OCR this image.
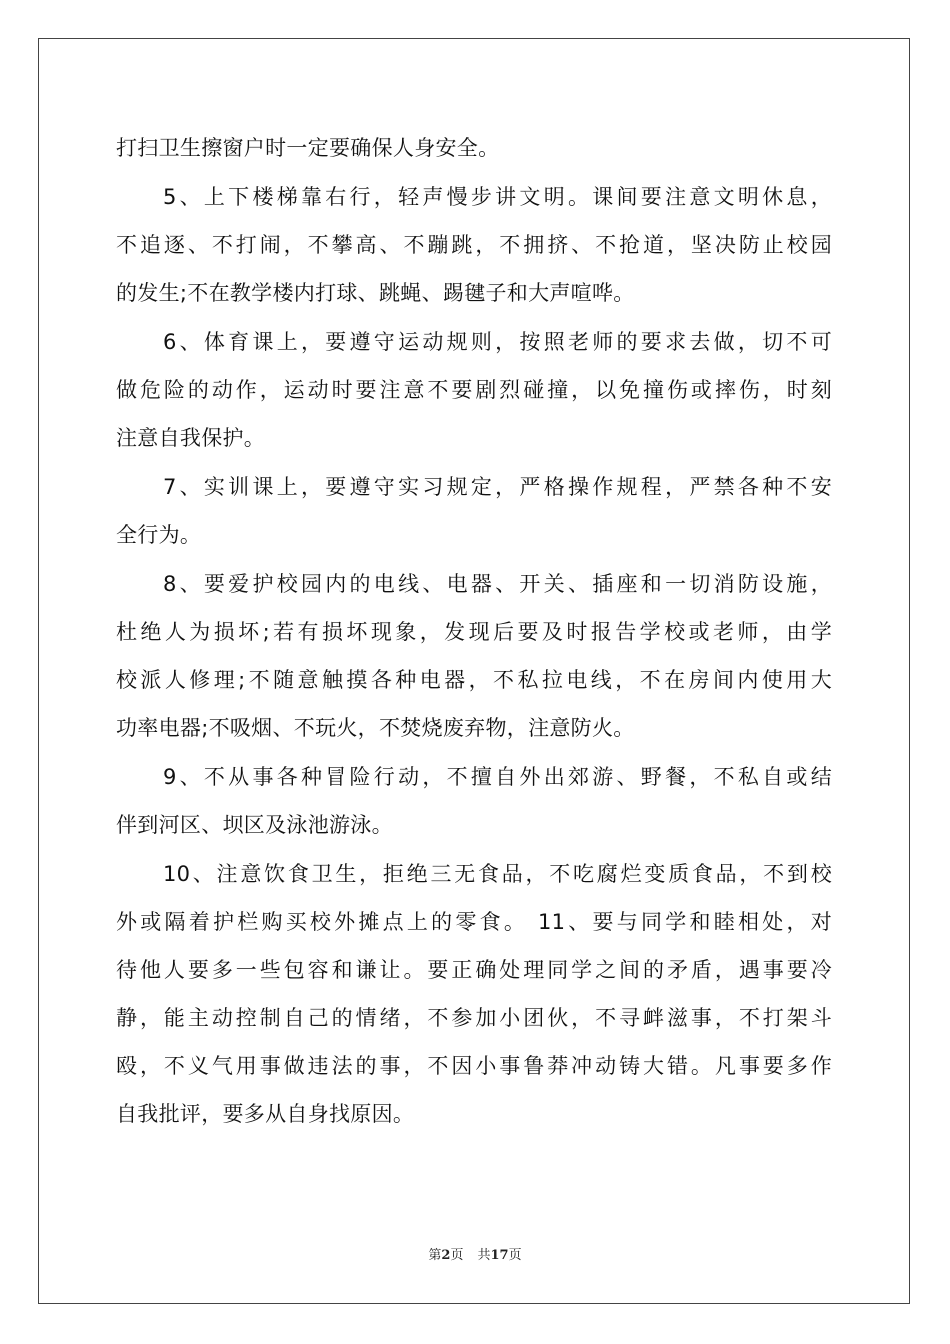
打扫卫生擦窗户时一定要确保人身安全。

5、上下楼梯靠右行，轻声慢步讲文明。课间要注意文明休息，

不追逐、不打闹，不攀高、不蹦跳，不拥挤、不抢道，坚决防止校园

的发生;不在教学楼内打球、跳蝇、踢毽子和大声喧哗。

6、体育课上，要遵守运动规则，按照老师的要求去做，切不可

做危险的动作，运动时要注意不要剧烈碰撞，以免撞伤或摔伤，时刻

注意自我保护。

7、实训课上，要遵守实习规定，严格操作规程，严禁各种不安

全行为。

8、要爱护校园内的电线、电器、开关、插座和一切消防设施，

杜绝人为损坏;若有损坏现象，发现后要及时报告学校或老师，由学

校派人修理;不随意触摸各种电器，不私拉电线，不在房间内使用大

功率电器;不吸烟、不玩火，不焚烧废弃物，注意防火。

9、不从事各种冒险行动，不擅自外出郊游、野餐，不私自或结

伴到河区、坝区及泳池游泳。

10、注意饮食卫生，拒绝三无食品，不吃腐烂变质食品，不到校

外或隔着护栏购买校外摊点上的零食。 11、要与同学和睦相处，对

待他人要多一些包容和谦让。要正确处理同学之间的矛盾，遇事要冷

静，能主动控制自己的情绪，不参加小团伙，不寻衅滋事，不打架斗

殴，不义气用事做违法的事，不因小事鲁莽冲动铸大错。凡事要多作

自我批评，要多从自身找原因。

第2页 共17页
